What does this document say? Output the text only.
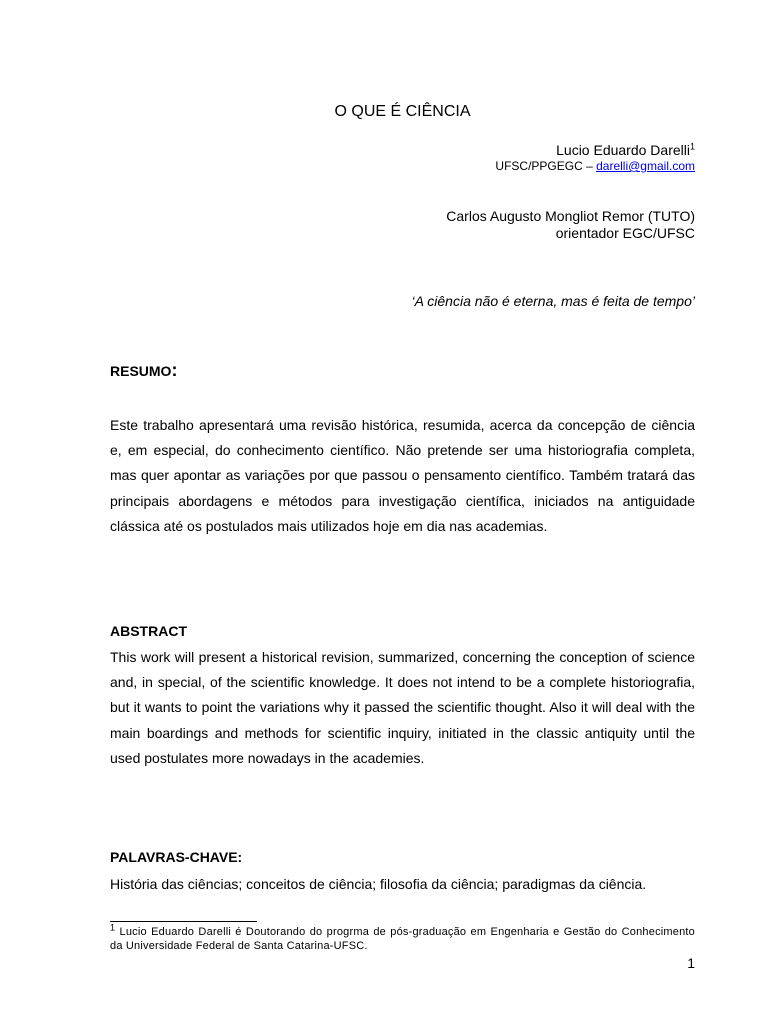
O QUE É CIÊNCIA
Lucio Eduardo Darelli$^1$
UFSC/PPGEGC – darelli@gmail.com
Carlos Augusto Mongliot Remor (TUTO)
orientador EGC/UFSC
‘A ciência não é eterna, mas é feita de tempo’
RESUMO:
Este trabalho apresentará uma revisão histórica, resumida, acerca da concepção de ciência e, em especial, do conhecimento científico. Não pretende ser uma historiografia completa, mas quer apontar as variações por que passou o pensamento científico. Também tratará das principais abordagens e métodos para investigação científica, iniciados na antiguidade clássica até os postulados mais utilizados hoje em dia nas academias.
ABSTRACT
This work will present a historical revision, summarized, concerning the conception of science and, in special, of the scientific knowledge. It does not intend to be a complete historiografia, but it wants to point the variations why it passed the scientific thought. Also it will deal with the main boardings and methods for scientific inquiry, initiated in the classic antiquity until the used postulates more nowadays in the academies.
PALAVRAS-CHAVE:
História das ciências; conceitos de ciência; filosofia da ciência; paradigmas da ciência.
$^1$ Lucio Eduardo Darelli é Doutorando do progrma de pós-graduação em Engenharia e Gestão do Conhecimento da Universidade Federal de Santa Catarina-UFSC.
1
